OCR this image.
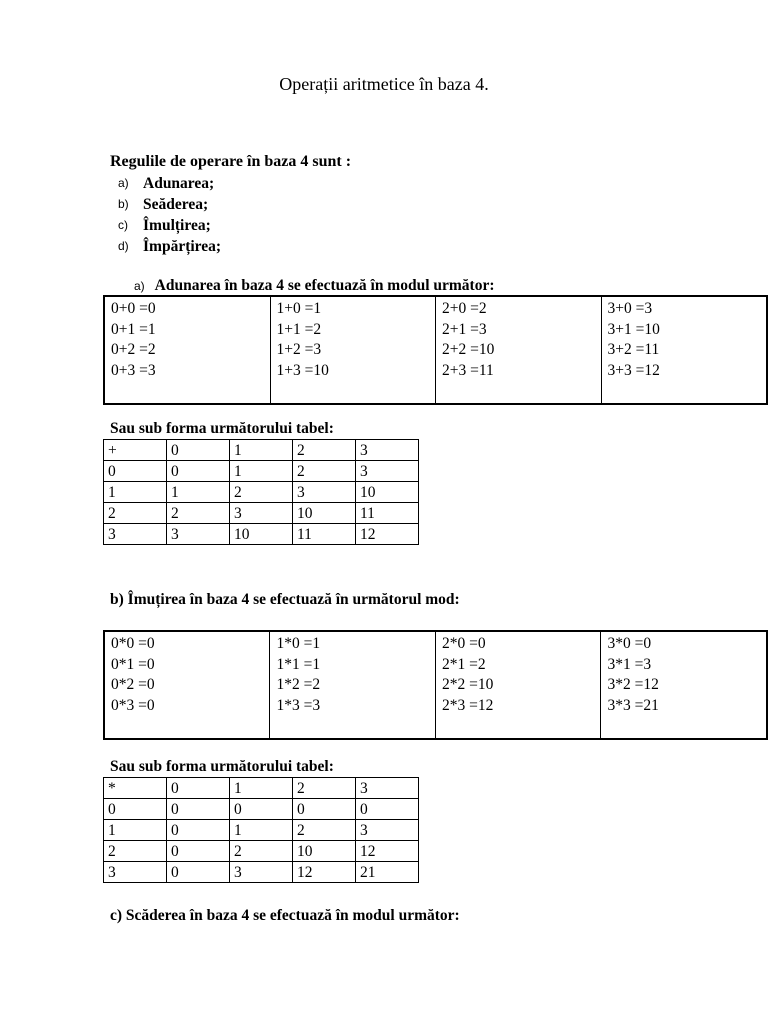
Operații aritmetice în baza 4.
Regulile de operare în baza 4 sunt :
a) Adunarea;
b) Seăderea;
c) Îmulțirea;
d) Împărțirea;
a) Adunarea în baza 4 se efectuază în modul următor:
0+0 =0
0+1 =1
0+2 =2
0+3 =3

1+0 =1
1+1 =2
1+2 =3
1+3 =10

2+0 =2
2+1 =3
2+2 =10
2+3 =11

3+0 =3
3+1 =10
3+2 =11
3+3 =12
Sau sub forma următorului tabel:
+	0	1	2	3
0	0	1	2	3
1	1	2	3	10
2	2	3	10	11
3	3	10	11	12
b) Îmuțirea în baza 4 se efectuază în următorul mod:
0*0 =0
0*1 =0
0*2 =0
0*3 =0

1*0 =1
1*1 =1
1*2 =2
1*3 =3

2*0 =0
2*1 =2
2*2 =10
2*3 =12

3*0 =0
3*1 =3
3*2 =12
3*3 =21
Sau sub forma următorului tabel:
*	0	1	2	3
0	0	0	0	0
1	0	1	2	3
2	0	2	10	12
3	0	3	12	21
c) Scăderea în baza 4 se efectuază în modul următor:
